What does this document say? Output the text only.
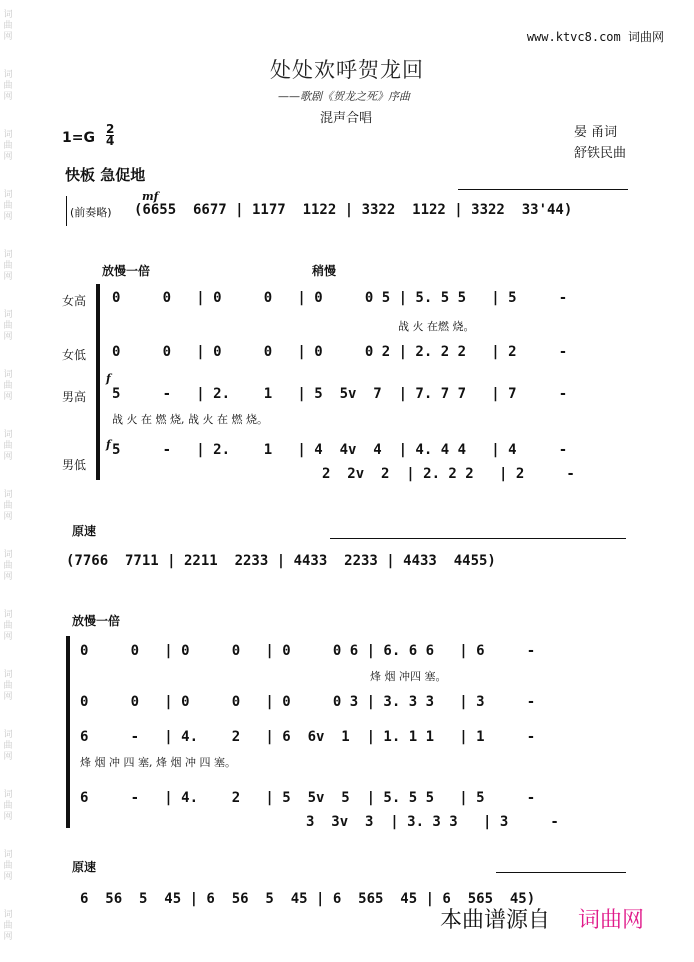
词曲网
词曲网
词曲网
词曲网
词曲网
词曲网
词曲网
词曲网
词曲网
词曲网
词曲网
词曲网
词曲网
词曲网
词曲网
词曲网
www.ktvc8.com 词曲网
处处欢呼贺龙回
——歌剧《贺龙之死》序曲
混声合唱
晏 甬词
舒铁民曲
$1=G \frac{2}{4}$
快板 急促地
mf
(前奏略) (6655  6677 | 1177  1122 | 3322  1122 | 3322  33'44)
放慢一倍	稍慢
女高 0     0   | 0     0   | 0     0 5 | 5. 5 5   | 5     -
战 火 在燃 烧。
女低 0     0   | 0     0   | 0     0 2 | 2. 2 2   | 2     -
f
男高 5     -   | 2.    1   | 5  5v  7  | 7. 7 7   | 7     -
战 火 在 燃 烧, 战 火 在 燃 烧。
f
男低
5     -   | 2.    1   | 4  4v  4  | 4. 4 4   | 4     -
2  2v  2  | 2. 2 2   | 2     -
原速
(7766  7711 | 2211  2233 | 4433  2233 | 4433  4455)
放慢一倍
0     0   | 0     0   | 0     0 6 | 6. 6 6   | 6     -
烽 烟 冲四 塞。
0     0   | 0     0   | 0     0 3 | 3. 3 3   | 3     -
6     -   | 4.    2   | 6  6v  1  | 1. 1 1   | 1     -
烽 烟 冲 四 塞, 烽 烟 冲 四 塞。
6     -   | 4.    2   | 5  5v  5  | 5. 5 5   | 5     -
3  3v  3  | 3. 3 3   | 3     -
原速
6  56  5  45 | 6  56  5  45 | 6  565  45 | 6  565  45)
本曲谱源自 词曲网
